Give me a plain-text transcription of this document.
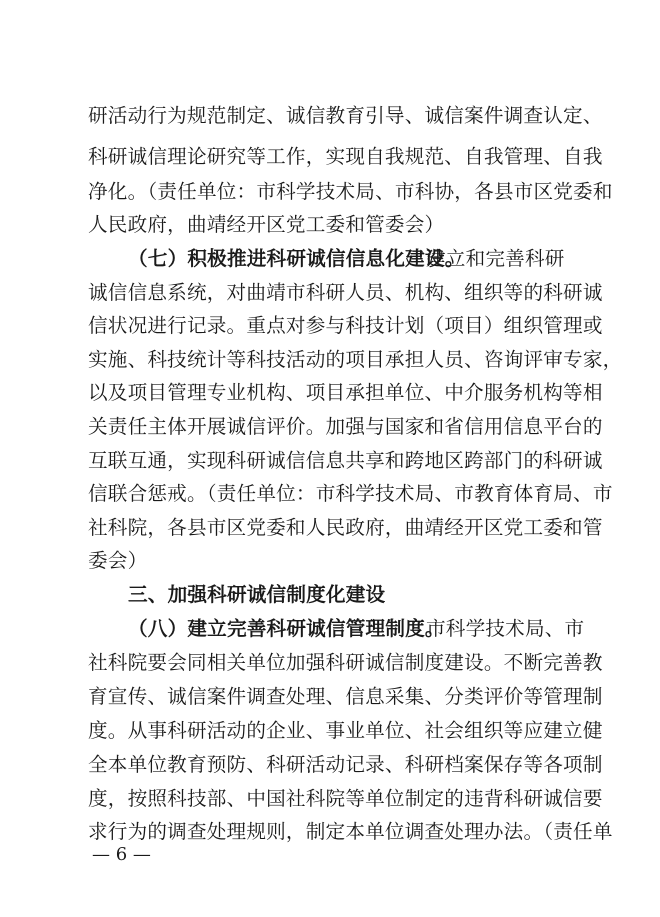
研活动行为规范制定、诚信教育引导、诚信案件调查认定、
科研诚信理论研究等工作，实现自我规范、自我管理、自我
净化。（责任单位：市科学技术局、市科协，各县市区党委和
人民政府，曲靖经开区党工委和管委会）
（七）积极推进科研诚信信息化建设。
建立和完善科研
诚信信息系统，对曲靖市科研人员、机构、组织等的科研诚
信状况进行记录。重点对参与科技计划（项目）组织管理或
实施、科技统计等科技活动的项目承担人员、咨询评审专家，
以及项目管理专业机构、项目承担单位、中介服务机构等相
关责任主体开展诚信评价。加强与国家和省信用信息平台的
互联互通，实现科研诚信信息共享和跨地区跨部门的科研诚
信联合惩戒。（责任单位：市科学技术局、市教育体育局、市
社科院，各县市区党委和人民政府，曲靖经开区党工委和管
委会）
三、加强科研诚信制度化建设
（八）建立完善科研诚信管理制度。
市科学技术局、市
社科院要会同相关单位加强科研诚信制度建设。不断完善教
育宣传、诚信案件调查处理、信息采集、分类评价等管理制
度。从事科研活动的企业、事业单位、社会组织等应建立健
全本单位教育预防、科研活动记录、科研档案保存等各项制
度，按照科技部、中国社科院等单位制定的违背科研诚信要
求行为的调查处理规则，制定本单位调查处理办法。（责任单
— 6 —
